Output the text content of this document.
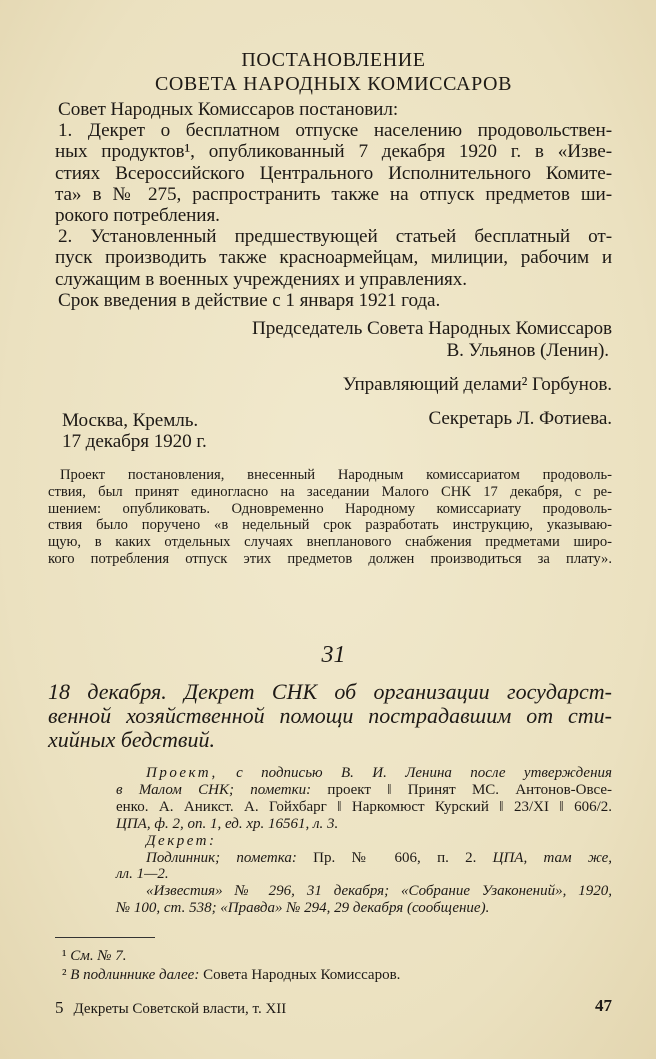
ПОСТАНОВЛЕНИЕ
СОВЕТА НАРОДНЫХ КОМИССАРОВ
Совет Народных Комиссаров постановил:
1. Декрет о бесплатном отпуске населению продовольствен-
ных продуктов¹, опубликованный 7 декабря 1920 г. в «Изве-
стиях Всероссийского Центрального Исполнительного Комите-
та» в № 275, распространить также на отпуск предметов ши-
рокого потребления.
2. Установленный предшествующей статьей бесплатный от-
пуск производить также красноармейцам, милиции, рабочим и
служащим в военных учреждениях и управлениях.
Срок введения в действие с 1 января 1921 года.
Председатель Совета Народных Комиссаров
В. Ульянов (Ленин).
Управляющий делами² Горбунов.
Секретарь Л. Фотиева.
Москва, Кремль.
17 декабря 1920 г.
Проект постановления, внесенный Народным комиссариатом продоволь-
ствия, был принят единогласно на заседании Малого СНК 17 декабря, с ре-
шением: опубликовать. Одновременно Народному комиссариату продоволь-
ствия было поручено «в недельный срок разработать инструкцию, указываю-
щую, в каких отдельных случаях внепланового снабжения предметами широ-
кого потребления отпуск этих предметов должен производиться за плату».
31
18 декабря. Декрет СНК об организации государст-
венной хозяйственной помощи пострадавшим от сти-
хийных бедствий.
Проект, с подписью В. И. Ленина после утверждения
в Малом СНК; пометки: проект ‖ Принят МС. Антонов-Овсе-
енко. А. Аникст. А. Гойхбарг ‖ Наркомюст Курский ‖ 23/XI ‖ 606/2.
ЦПА, ф. 2, оп. 1, ед. хр. 16561, л. 3.
Декрет:
Подлинник; пометка: Пр. № 606, п. 2. ЦПА, там же,
лл. 1—2.
«Известия» № 296, 31 декабря; «Собрание Узаконений», 1920,
№ 100, ст. 538; «Правда» № 294, 29 декабря (сообщение).
¹ См. № 7.
² В подлиннике далее: Совета Народных Комиссаров.
5 Декреты Советской власти, т. XII	47
